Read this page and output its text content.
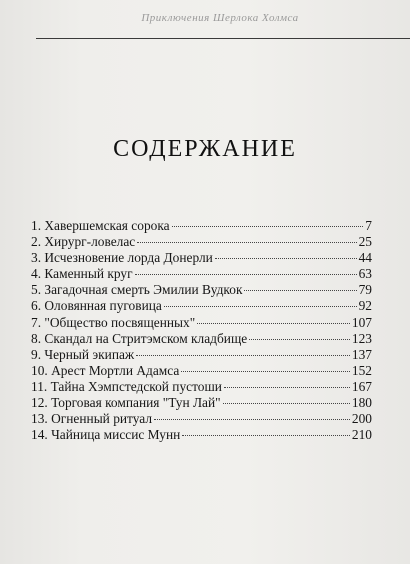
Приключения Шерлока Холмса
СОДЕРЖАНИЕ
1. Хавершемская сорока	7
2. Хирург-ловелас	25
3. Исчезновение лорда Донерли	44
4. Каменный круг	63
5. Загадочная смерть Эмилии Вудкок	79
6. Оловянная пуговица	92
7. "Общество посвященных"	107
8. Скандал на Стритэмском кладбище	123
9. Черный экипаж	137
10. Арест Мортли Адамса	152
11. Тайна Хэмпстедской пустоши	167
12. Торговая компания "Тун Лай"	180
13. Огненный ритуал	200
14. Чайница миссис Мунн	210
